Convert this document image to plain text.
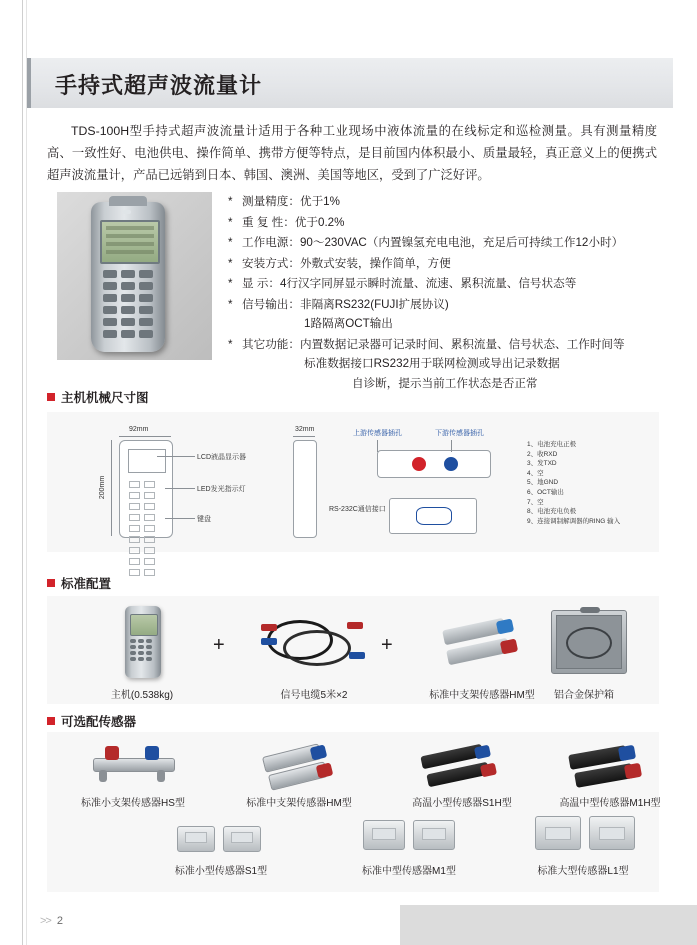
手持式超声波流量计
TDS-100H型手持式超声波流量计适用于各种工业现场中液体流量的在线标定和巡检测量。具有测量精度高、一致性好、电池供电、操作简单、携带方便等特点，是目前国内体积最小、质量最轻，真正意义上的便携式超声波流量计，产品已远销到日本、韩国、澳洲、美国等地区，受到了广泛好评。
* 测量精度：优于1%
* 重 复 性：优于0.2%
* 工作电源：90～230VAC（内置镍氢充电电池，充足后可持续工作12小时）
* 安装方式：外敷式安装，操作简单，方便
* 显 示：4行汉字同屏显示瞬时流量、流速、累积流量、信号状态等
* 信号输出：非隔离RS232(FUJI扩展协议)
1路隔离OCT输出
* 其它功能：内置数据记录器可记录时间、累积流量、信号状态、工作时间等
标准数据接口RS232用于联网检测或导出记录数据
自诊断，提示当前工作状态是否正常
主机机械尺寸图
92mm
200mm
LCD液晶显示器
LED发光指示灯
键盘
32mm
上游传感器插孔	下游传感器插孔
RS-232C通信接口
1、电池充电正极
2、收RXD
3、发TXD
4、空
5、地GND
6、OCT输出
7、空
8、电池充电负极
9、连接调制解调器的RING 输入
标准配置
主机(0.538kg)
+
信号电缆5米×2
+
标准中支架传感器HM型	铝合金保护箱
可选配传感器
标准小支架传感器HS型	标准中支架传感器HM型	高温小型传感器S1H型	高温中型传感器M1H型
标准小型传感器S1型	标准中型传感器M1型	标准大型传感器L1型
>> 2
